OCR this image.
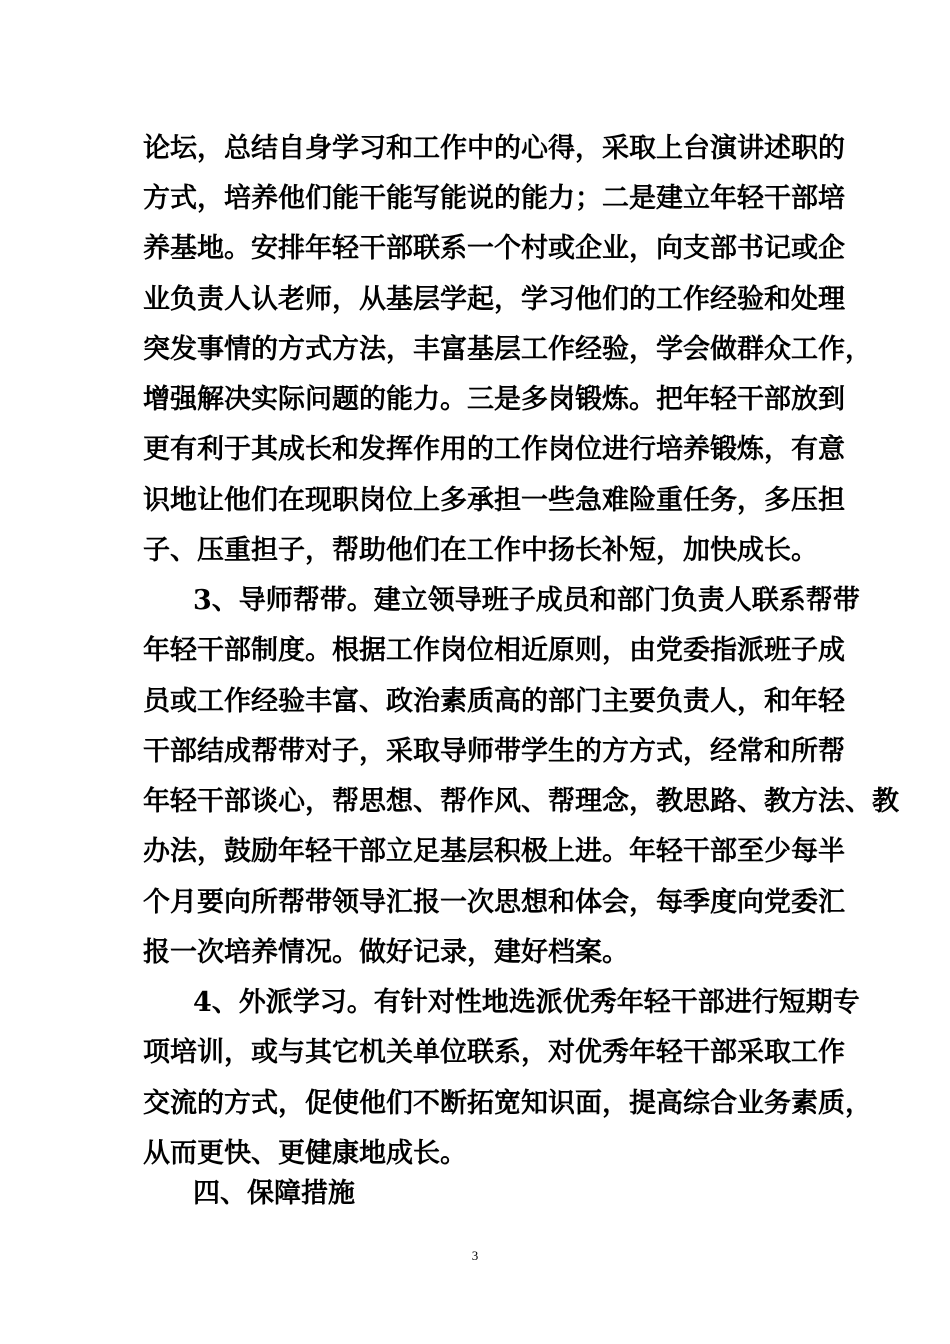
论坛，总结自身学习和工作中的心得，采取上台演讲述职的
方式，培养他们能干能写能说的能力；二是建立年轻干部培
养基地。安排年轻干部联系一个村或企业，向支部书记或企
业负责人认老师，从基层学起，学习他们的工作经验和处理
突发事情的方式方法，丰富基层工作经验，学会做群众工作，
增强解决实际问题的能力。三是多岗锻炼。把年轻干部放到
更有利于其成长和发挥作用的工作岗位进行培养锻炼，有意
识地让他们在现职岗位上多承担一些急难险重任务，多压担
子、压重担子，帮助他们在工作中扬长补短，加快成长。
3、导师帮带。建立领导班子成员和部门负责人联系帮带
年轻干部制度。根据工作岗位相近原则，由党委指派班子成
员或工作经验丰富、政治素质高的部门主要负责人，和年轻
干部结成帮带对子，采取导师带学生的方方式，经常和所帮
年轻干部谈心，帮思想、帮作风、帮理念，教思路、教方法、教
办法，鼓励年轻干部立足基层积极上进。年轻干部至少每半
个月要向所帮带领导汇报一次思想和体会，每季度向党委汇
报一次培养情况。做好记录，建好档案。
4、外派学习。有针对性地选派优秀年轻干部进行短期专
项培训，或与其它机关单位联系，对优秀年轻干部采取工作
交流的方式，促使他们不断拓宽知识面，提高综合业务素质，
从而更快、更健康地成长。
四、保障措施
3
